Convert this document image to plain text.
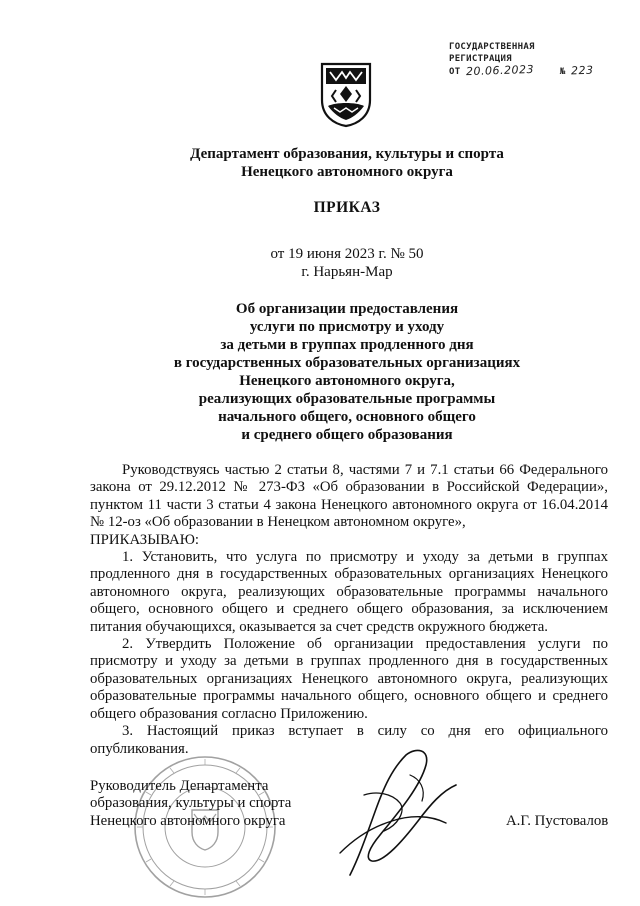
ГОСУДАРСТВЕННАЯ
РЕГИСТРАЦИЯ
ОТ 20.06.2023	№ 223
Департамент образования, культуры и спорта
Ненецкого автономного округа
ПРИКАЗ
от 19 июня 2023 г. № 50
г. Нарьян-Мар
Об организации предоставления
услуги по присмотру и уходу
за детьми в группах продленного дня
в государственных образовательных организациях
Ненецкого автономного округа,
реализующих образовательные программы
начального общего, основного общего
и среднего общего образования

Руководствуясь частью 2 статьи 8, частями 7 и 7.1 статьи 66 Федерального закона от 29.12.2012 № 273-ФЗ «Об образовании в Российской Федерации», пунктом 11 части 3 статьи 4 закона Ненецкого автономного округа от 16.04.2014 № 12-оз «Об образовании в Ненецком автономном округе»,

ПРИКАЗЫВАЮ:

1. Установить, что услуга по присмотру и уходу за детьми в группах продленного дня в государственных образовательных организациях Ненецкого автономного округа, реализующих образовательные программы начального общего, основного общего и среднего общего образования, за исключением питания обучающихся, оказывается за счет средств окружного бюджета.

2. Утвердить Положение об организации предоставления услуги по присмотру и уходу за детьми в группах продленного дня в государственных образовательных организациях Ненецкого автономного округа, реализующих образовательные программы начального общего, основного общего и среднего общего образования согласно Приложению.

3. Настоящий приказ вступает в силу со дня его официального опубликования.

Руководитель Департамента
образования, культуры и спорта
Ненецкого автономного округа	А.Г. Пустовалов
